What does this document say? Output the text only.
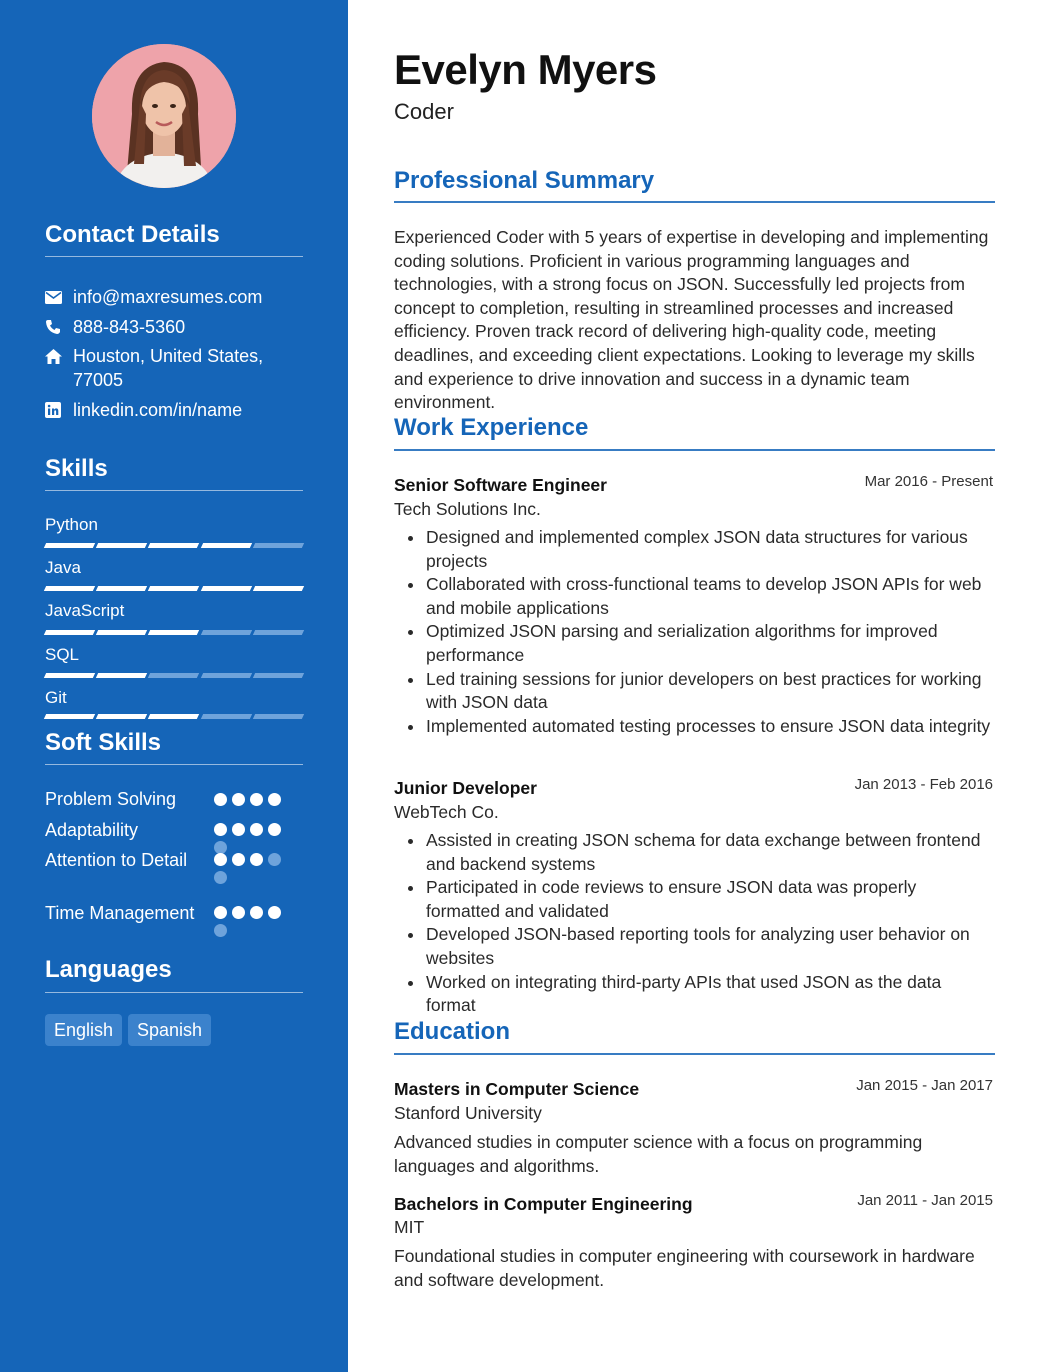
Contact Details
info@maxresumes.com
888-843-5360
Houston, United States, 77005
linkedin.com/in/name
Skills
Python
Java
JavaScript
SQL
Git
Soft Skills
Problem Solving
Adaptability
Attention to Detail
Time Management
Languages
English	Spanish
Evelyn Myers
Coder
Professional Summary
Experienced Coder with 5 years of expertise in developing and implementing coding solutions. Proficient in various programming languages and technologies, with a strong focus on JSON. Successfully led projects from concept to completion, resulting in streamlined processes and increased efficiency. Proven track record of delivering high-quality code, meeting deadlines, and exceeding client expectations. Looking to leverage my skills and experience to drive innovation and success in a dynamic team environment.
Work Experience
Senior Software Engineer	Mar 2016 - Present
Tech Solutions Inc.
Designed and implemented complex JSON data structures for various projects
Collaborated with cross-functional teams to develop JSON APIs for web and mobile applications
Optimized JSON parsing and serialization algorithms for improved performance
Led training sessions for junior developers on best practices for working with JSON data
Implemented automated testing processes to ensure JSON data integrity
Junior Developer	Jan 2013 - Feb 2016
WebTech Co.
Assisted in creating JSON schema for data exchange between frontend and backend systems
Participated in code reviews to ensure JSON data was properly formatted and validated
Developed JSON-based reporting tools for analyzing user behavior on websites
Worked on integrating third-party APIs that used JSON as the data format
Education
Masters in Computer Science	Jan 2015 - Jan 2017
Stanford University
Advanced studies in computer science with a focus on programming languages and algorithms.
Bachelors in Computer Engineering	Jan 2011 - Jan 2015
MIT
Foundational studies in computer engineering with coursework in hardware and software development.
